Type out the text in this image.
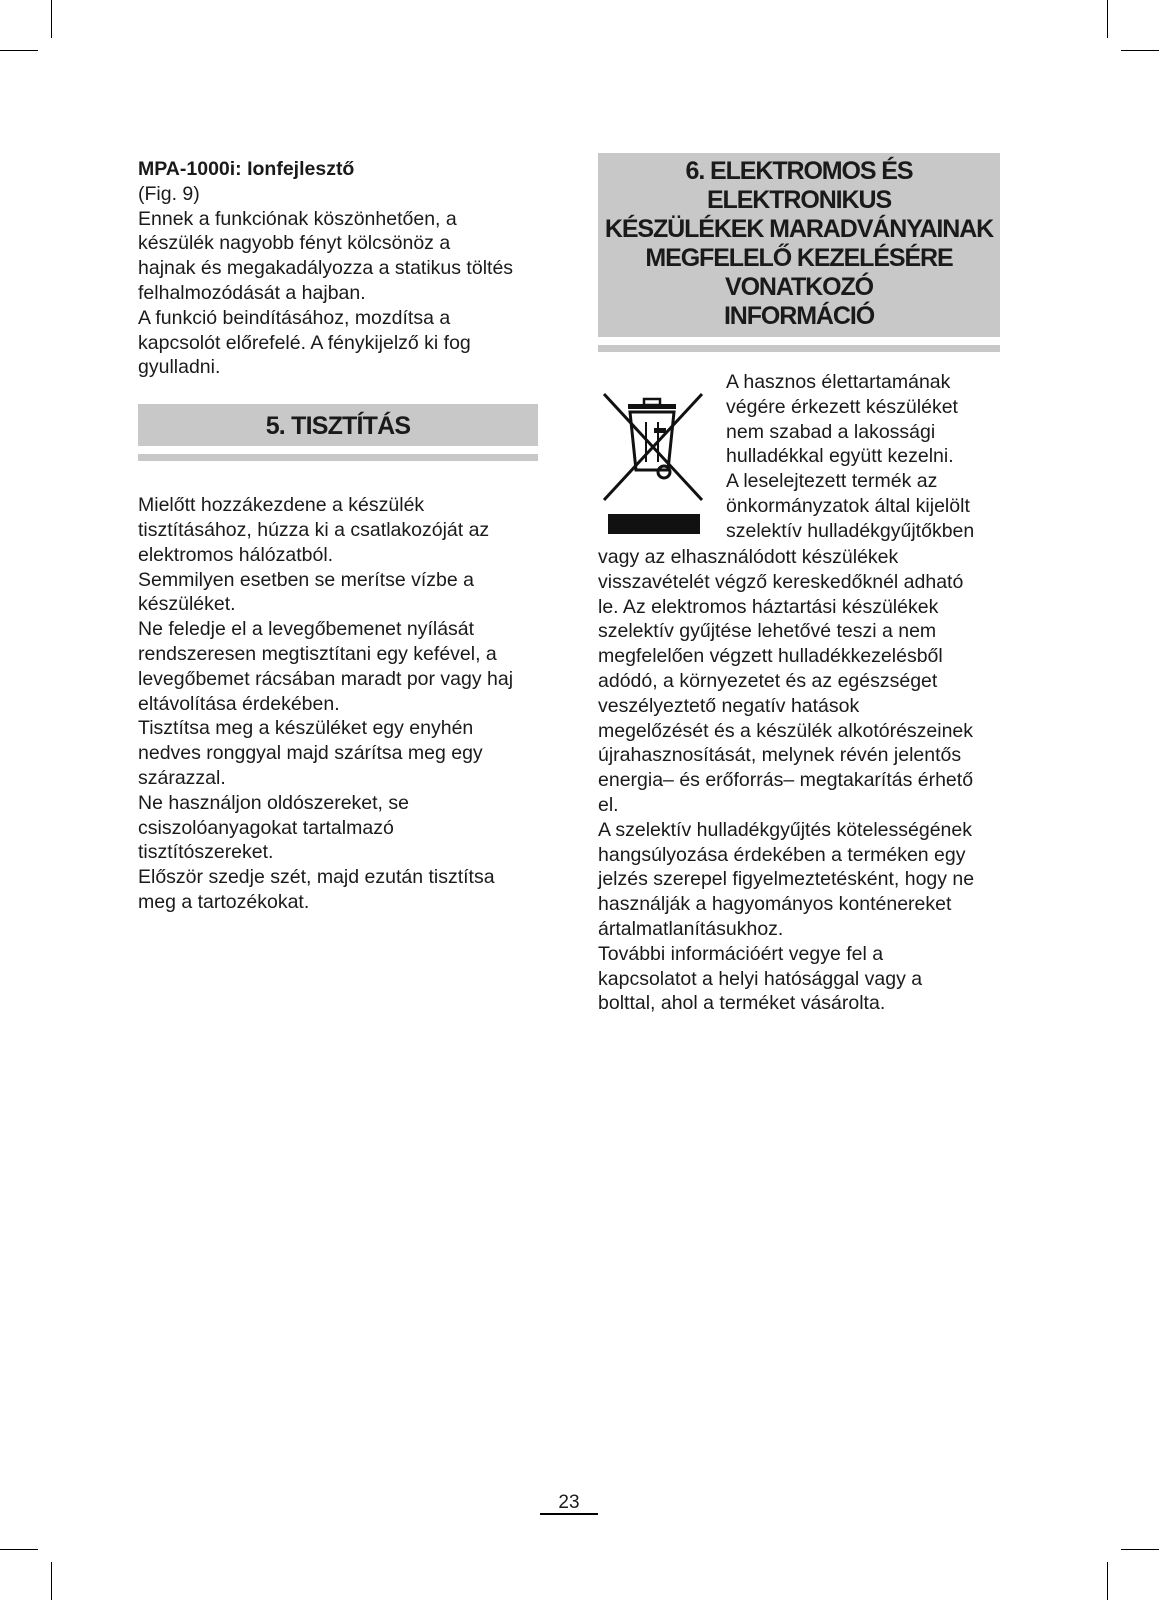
MPA-1000i: Ionfejlesztő

(Fig. 9)

Ennek a funkciónak köszönhetően, a

készülék nagyobb fényt kölcsönöz a

hajnak és megakadályozza a statikus töltés

felhalmozódását a hajban.

A funkció beindításához, mozdítsa a

kapcsolót előrefelé. A fénykijelző ki fog

gyulladni.

5. TISZTÍTÁS

Mielőtt hozzákezdene a készülék

tisztításához, húzza ki a csatlakozóját az

elektromos hálózatból.

Semmilyen esetben se merítse vízbe a

készüléket.

Ne feledje el a levegőbemenet nyílását

rendszeresen megtisztítani egy kefével, a

levegőbemet rácsában maradt por vagy haj

eltávolítása érdekében.

Tisztítsa meg a készüléket egy enyhén

nedves ronggyal majd szárítsa meg egy

szárazzal.

Ne használjon oldószereket, se

csiszolóanyagokat tartalmazó

tisztítószereket.

Először szedje szét, majd ezután tisztítsa

meg a tartozékokat.

6. ELEKTROMOS ÉS ELEKTRONIKUS
KÉSZÜLÉKEK MARADVÁNYAINAK
MEGFELELŐ KEZELÉSÉRE VONATKOZÓ
INFORMÁCIÓ

A hasznos élettartamának

végére érkezett készüléket

nem szabad a lakossági

hulladékkal együtt kezelni.

A leselejtezett termék az

önkormányzatok által kijelölt

szelektív hulladékgyűjtőkben

vagy az elhasználódott készülékek

visszavételét végző kereskedőknél adható

le. Az elektromos háztartási készülékek

szelektív gyűjtése lehetővé teszi a nem

megfelelően végzett hulladékkezelésből

adódó, a környezetet és az egészséget

veszélyeztető negatív hatások

megelőzését és a készülék alkotórészeinek

újrahasznosítását, melynek révén jelentős

energia– és erőforrás– megtakarítás érhető

el.

A szelektív hulladékgyűjtés kötelességének

hangsúlyozása érdekében a terméken egy

jelzés szerepel figyelmeztetésként, hogy ne

használják a hagyományos konténereket

ártalmatlanításukhoz.

További információért vegye fel a

kapcsolatot a helyi hatósággal vagy a

bolttal, ahol a terméket vásárolta.

23
